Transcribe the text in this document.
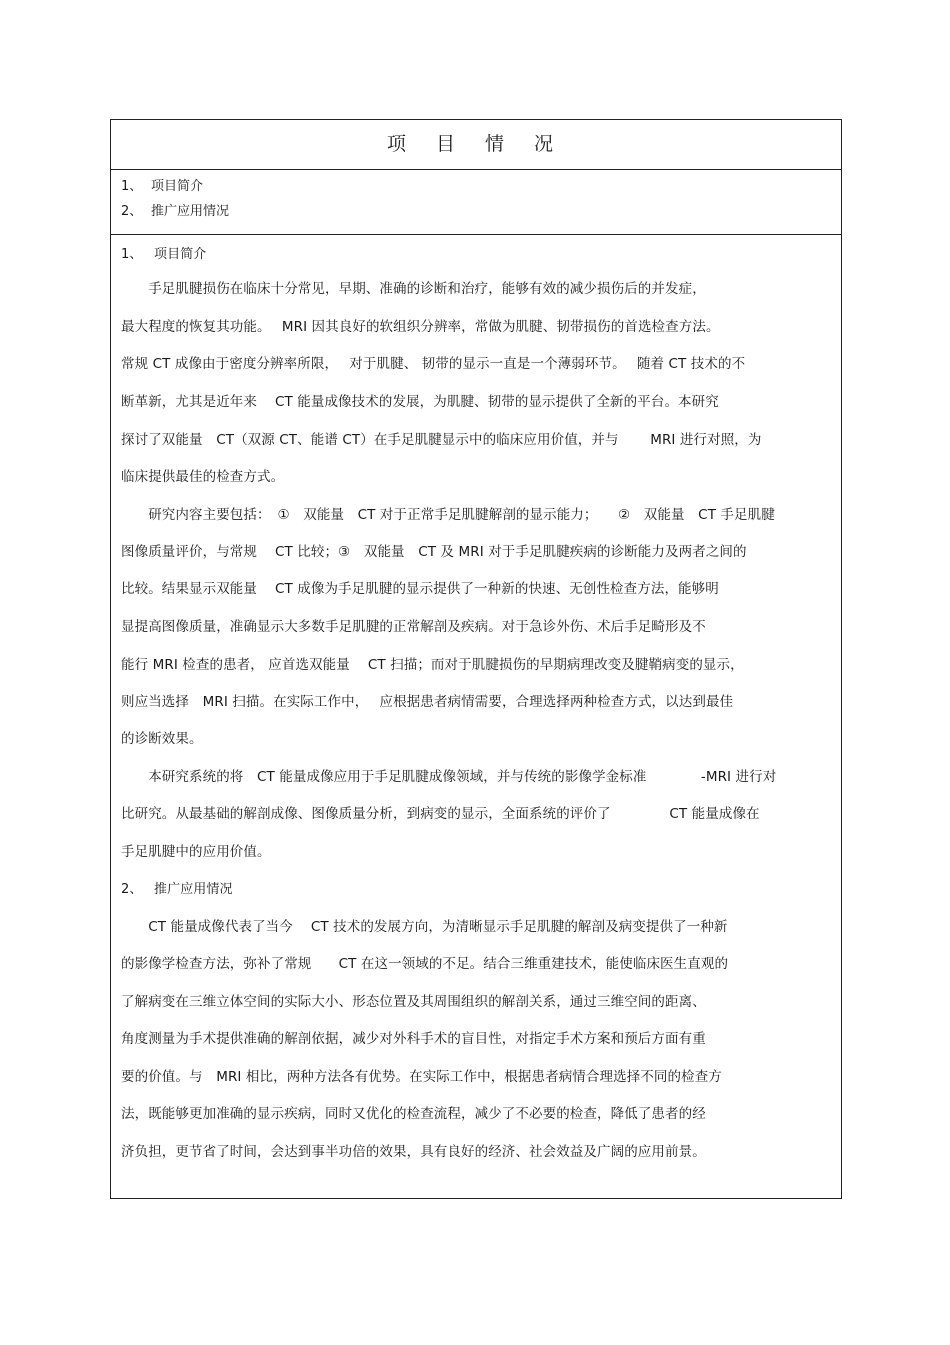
项 目 情 况
1、 项目简介
2、 推广应用情况
1、 项目简介
　　手足肌腱损伤在临床十分常见，早期、准确的诊断和治疗，能够有效的减少损伤后的并发症，
最大程度的恢复其功能。　 MRI 因其良好的软组织分辨率，常做为肌腱、韧带损伤的首选检查方法。
常规 CT 成像由于密度分辨率所限，　 对于肌腱、 韧带的显示一直是一个薄弱环节。　 随着 CT 技术的不
断革新，尤其是近年来　 CT 能量成像技术的发展，为肌腱、韧带的显示提供了全新的平台。本研究
探讨了双能量　CT（双源 CT、能谱 CT）在手足肌腱显示中的临床应用价值，并与　　 MRI 进行对照，为
临床提供最佳的检查方式。
　　研究内容主要包括：　①　双能量　CT 对于正常手足肌腱解剖的显示能力；　　②　双能量　CT 手足肌腱
图像质量评价，与常规　 CT 比较；③　双能量　CT 及 MRI 对于手足肌腱疾病的诊断能力及两者之间的
比较。结果显示双能量　 CT 成像为手足肌腱的显示提供了一种新的快速、无创性检查方法，能够明
显提高图像质量，准确显示大多数手足肌腱的正常解剖及疾病。对于急诊外伤、术后手足畸形及不
能行 MRI 检查的患者， 应首选双能量　 CT 扫描；而对于肌腱损伤的早期病理改变及腱鞘病变的显示，
则应当选择　MRI 扫描。在实际工作中，　 应根据患者病情需要，合理选择两种检查方式，以达到最佳
的诊断效果。
　　本研究系统的将　CT 能量成像应用于手足肌腱成像领域，并与传统的影像学金标准　　　　-MRI 进行对
比研究。从最基础的解剖成像、图像质量分析，到病变的显示，全面系统的评价了　　　　 CT 能量成像在
手足肌腱中的应用价值。
2、 推广应用情况
　　CT 能量成像代表了当今　 CT 技术的发展方向，为清晰显示手足肌腱的解剖及病变提供了一种新
的影像学检查方法，弥补了常规　　CT 在这一领域的不足。结合三维重建技术，能使临床医生直观的
了解病变在三维立体空间的实际大小、形态位置及其周围组织的解剖关系，通过三维空间的距离、
角度测量为手术提供准确的解剖依据，减少对外科手术的盲目性，对指定手术方案和预后方面有重
要的价值。与　MRI 相比，两种方法各有优势。在实际工作中，根据患者病情合理选择不同的检查方
法，既能够更加准确的显示疾病，同时又优化的检查流程，减少了不必要的检查，降低了患者的经
济负担，更节省了时间，会达到事半功倍的效果，具有良好的经济、社会效益及广阔的应用前景。
